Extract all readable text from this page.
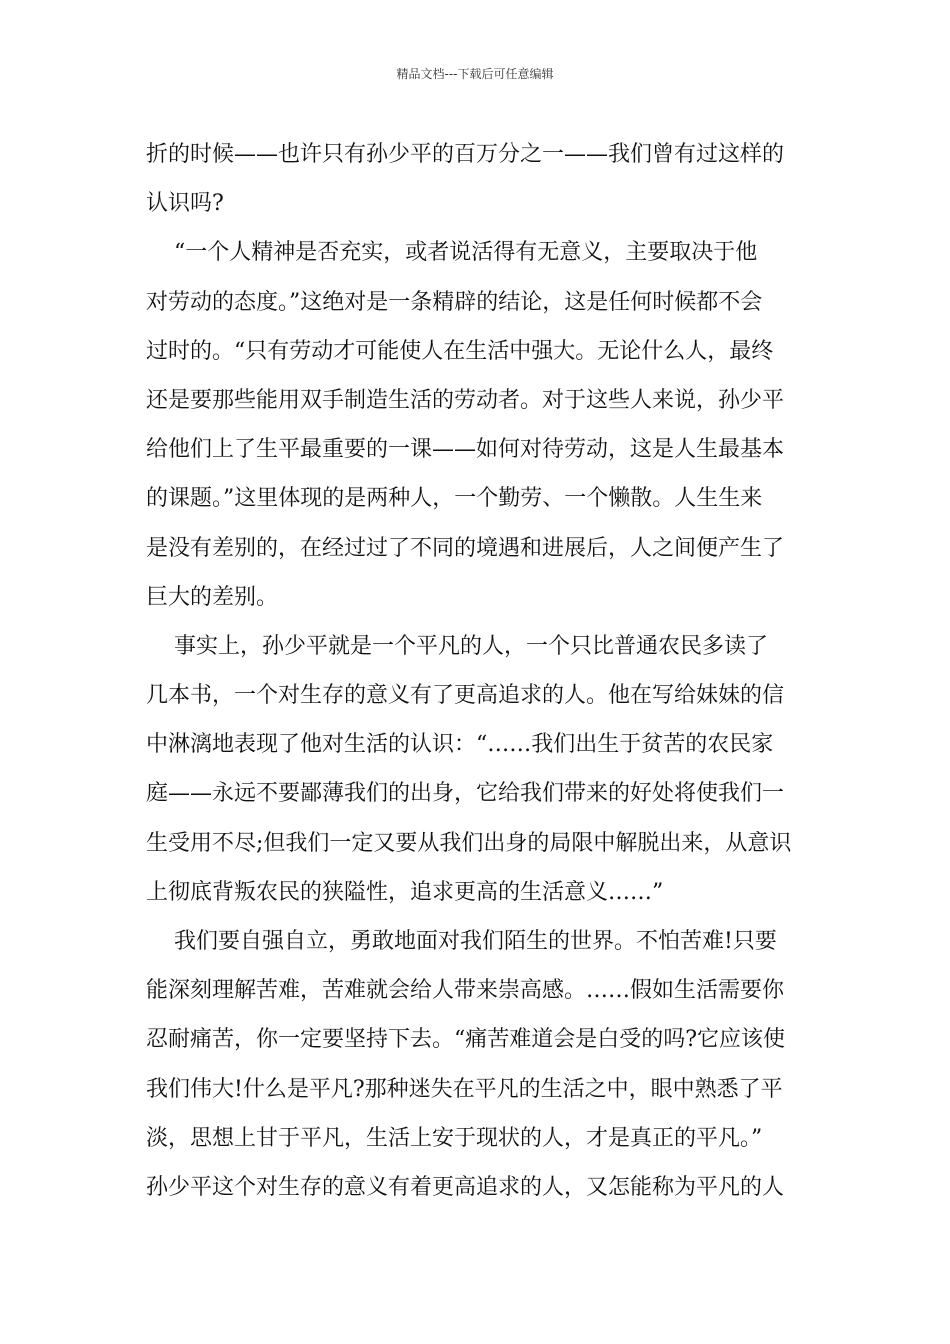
精品文档---下载后可任意编辑
折的时候——也许只有孙少平的百万分之一——我们曾有过这样的
认识吗?
“一个人精神是否充实，或者说活得有无意义，主要取决于他
对劳动的态度。”这绝对是一条精辟的结论，这是任何时候都不会
过时的。“只有劳动才可能使人在生活中强大。无论什么人，最终
还是要那些能用双手制造生活的劳动者。对于这些人来说，孙少平
给他们上了生平最重要的一课——如何对待劳动，这是人生最基本
的课题。”这里体现的是两种人，一个勤劳、一个懒散。人生生来
是没有差别的，在经过过了不同的境遇和进展后，人之间便产生了
巨大的差别。
事实上，孙少平就是一个平凡的人，一个只比普通农民多读了
几本书，一个对生存的意义有了更高追求的人。他在写给妹妹的信
中淋漓地表现了他对生活的认识：“……我们出生于贫苦的农民家
庭——永远不要鄙薄我们的出身，它给我们带来的好处将使我们一
生受用不尽;但我们一定又要从我们出身的局限中解脱出来，从意识
上彻底背叛农民的狭隘性，追求更高的生活意义……”
我们要自强自立，勇敢地面对我们陌生的世界。不怕苦难!只要
能深刻理解苦难，苦难就会给人带来崇高感。……假如生活需要你
忍耐痛苦，你一定要坚持下去。“痛苦难道会是白受的吗?它应该使
我们伟大!什么是平凡?那种迷失在平凡的生活之中，眼中熟悉了平
淡，思想上甘于平凡，生活上安于现状的人，才是真正的平凡。”
孙少平这个对生存的意义有着更高追求的人，又怎能称为平凡的人
